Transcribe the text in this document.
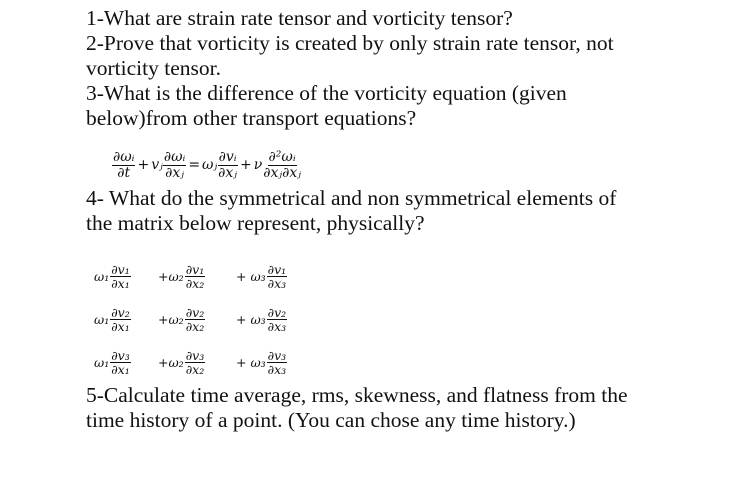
1-What are strain rate tensor and vorticity tensor?
2-Prove that vorticity is created by only strain rate tensor, not
vorticity tensor.
3-What is the difference of the vorticity equation (given
below)from other transport equations?
$\frac{\text{∂ωᵢ}}{\partial t}$ + vⱼ $\frac{\text{∂ωᵢ}}{\text{∂xⱼ}}$ = ωⱼ $\frac{\text{∂vᵢ}}{\text{∂xⱼ}} + \nu \frac{\text{∂²ωᵢ}}{\text{∂xⱼ∂xⱼ}}$
4- What do the symmetrical and non symmetrical elements of
the matrix below represent, physically?
$\omega_1 \frac{\text{∂v₁}}{\text{∂x₁}} +\omega_2 \frac{\text{∂v₁}}{\text{∂x₂}} + \omega_3 \frac{\text{∂v₁}}{\text{∂x₃}}$
$\omega_1 \frac{\text{∂v₂}}{\text{∂x₁}} +\omega_2 \frac{\text{∂v₂}}{\text{∂x₂}} + \omega_3 \frac{\text{∂v₂}}{\text{∂x₃}}$
$\omega_1 \frac{\text{∂v₃}}{\text{∂x₁}} +\omega_2 \frac{\text{∂v₃}}{\text{∂x₂}} + \omega_3 \frac{\text{∂v₃}}{\text{∂x₃}}$
5-Calculate time average, rms, skewness, and flatness from the
time history of a point. (You can chose any time history.)
